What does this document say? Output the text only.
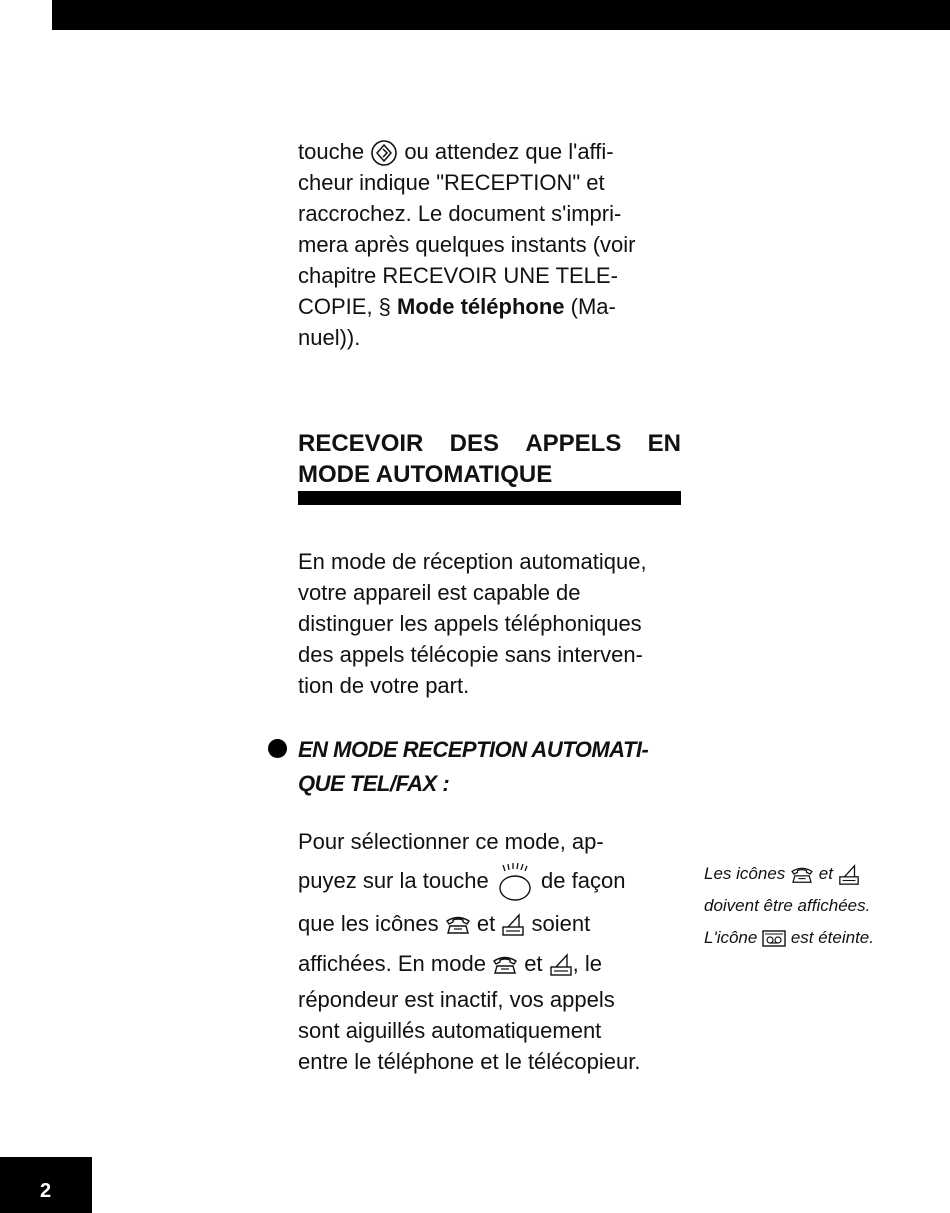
touche ou attendez que l'affi-
cheur indique "RECEPTION" et
raccrochez. Le document s'impri-
mera après quelques instants (voir
chapitre RECEVOIR UNE TELE-
COPIE, § Mode téléphone (Ma-
nuel)).
RECEVOIR DES APPELS EN
MODE AUTOMATIQUE
En mode de réception automatique,
votre appareil est capable de
distinguer les appels téléphoniques
des appels télécopie sans interven-
tion de votre part.
EN MODE RECEPTION AUTOMATI-
QUE TEL/FAX :
Pour sélectionner ce mode, ap-
puyez sur la touche de façon
que les icônes et soient
affichées. En mode et , le
répondeur est inactif, vos appels
sont aiguillés automatiquement
entre le téléphone et le télécopieur.
Les icônes et
doivent être affichées.
L'icône est éteinte.
2
